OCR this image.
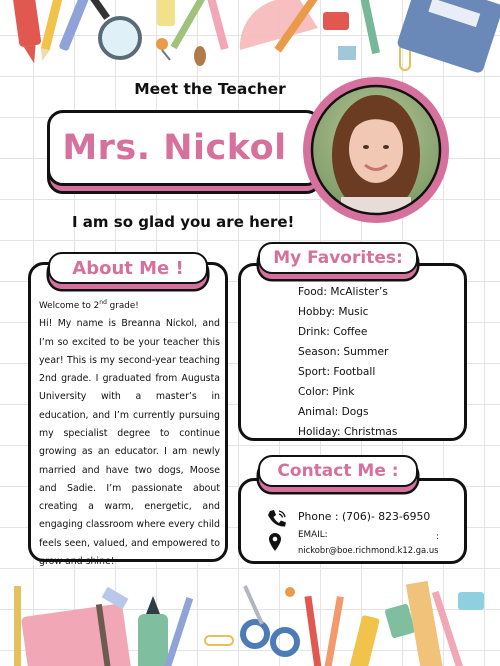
Meet the Teacher
Mrs. Nickol
I am so glad you are here!
About Me !
Welcome to 2nd grade!
Hi! My name is Breanna Nickol, and I’m so excited to be your teacher this year! This is my second-year teaching 2nd grade. I graduated from Augusta University with a master’s in education, and I’m currently pursuing my specialist degree to continue growing as an educator. I am newly married and have two dogs, Moose and Sadie. I’m passionate about creating a warm, energetic, and engaging classroom where every child feels seen, valued, and empowered to grow and shine!
My Favorites:
Food: McAlister’s
Hobby: Music
Drink: Coffee
Season: Summer
Sport: Football
Color: Pink
Animal: Dogs
Holiday: Christmas
Contact Me :
Phone : (706)- 823-6950
EMAIL:	:
nickobr@boe.richmond.k12.ga.us
